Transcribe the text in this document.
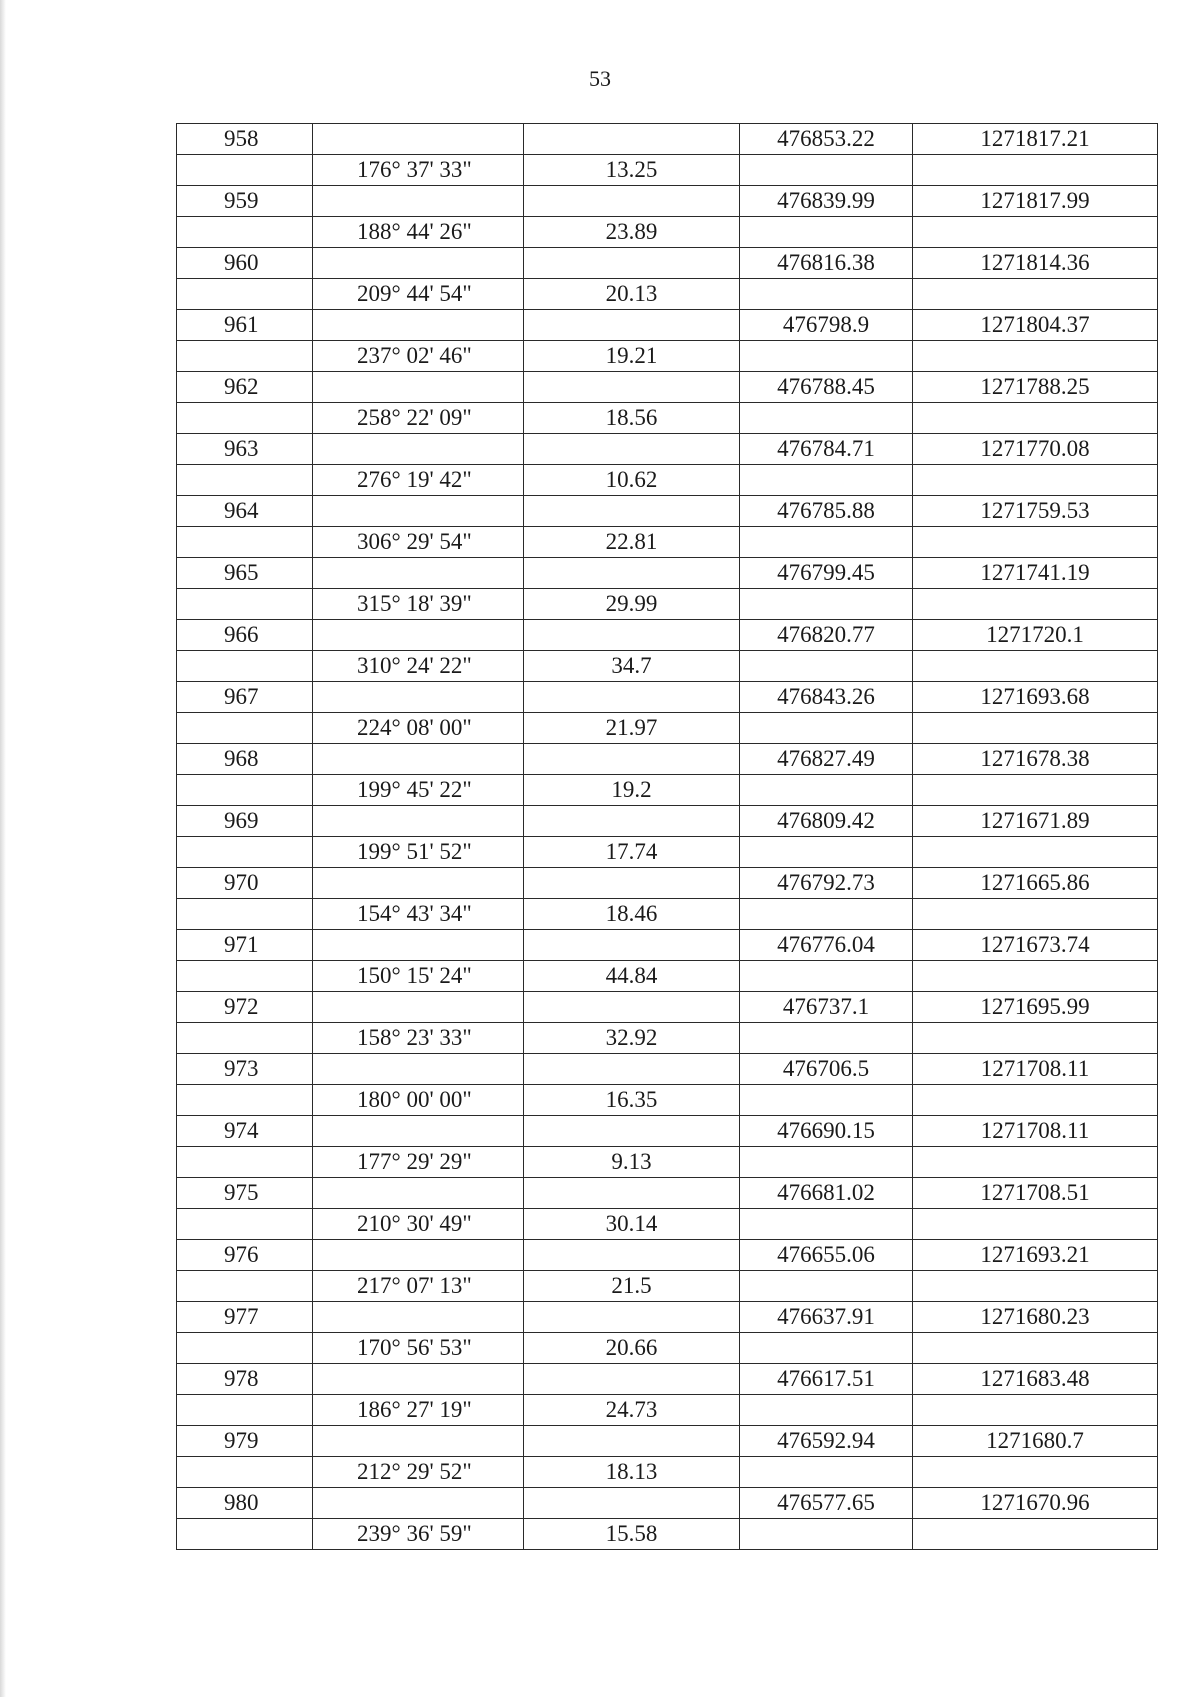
53
958			476853.22	1271817.21
	176° 37' 33"	13.25		
959			476839.99	1271817.99
	188° 44' 26"	23.89		
960			476816.38	1271814.36
	209° 44' 54"	20.13		
961			476798.9	1271804.37
	237° 02' 46"	19.21		
962			476788.45	1271788.25
	258° 22' 09"	18.56		
963			476784.71	1271770.08
	276° 19' 42"	10.62		
964			476785.88	1271759.53
	306° 29' 54"	22.81		
965			476799.45	1271741.19
	315° 18' 39"	29.99		
966			476820.77	1271720.1
	310° 24' 22"	34.7		
967			476843.26	1271693.68
	224° 08' 00"	21.97		
968			476827.49	1271678.38
	199° 45' 22"	19.2		
969			476809.42	1271671.89
	199° 51' 52"	17.74		
970			476792.73	1271665.86
	154° 43' 34"	18.46		
971			476776.04	1271673.74
	150° 15' 24"	44.84		
972			476737.1	1271695.99
	158° 23' 33"	32.92		
973			476706.5	1271708.11
	180° 00' 00"	16.35		
974			476690.15	1271708.11
	177° 29' 29"	9.13		
975			476681.02	1271708.51
	210° 30' 49"	30.14		
976			476655.06	1271693.21
	217° 07' 13"	21.5		
977			476637.91	1271680.23
	170° 56' 53"	20.66		
978			476617.51	1271683.48
	186° 27' 19"	24.73		
979			476592.94	1271680.7
	212° 29' 52"	18.13		
980			476577.65	1271670.96
	239° 36' 59"	15.58		
